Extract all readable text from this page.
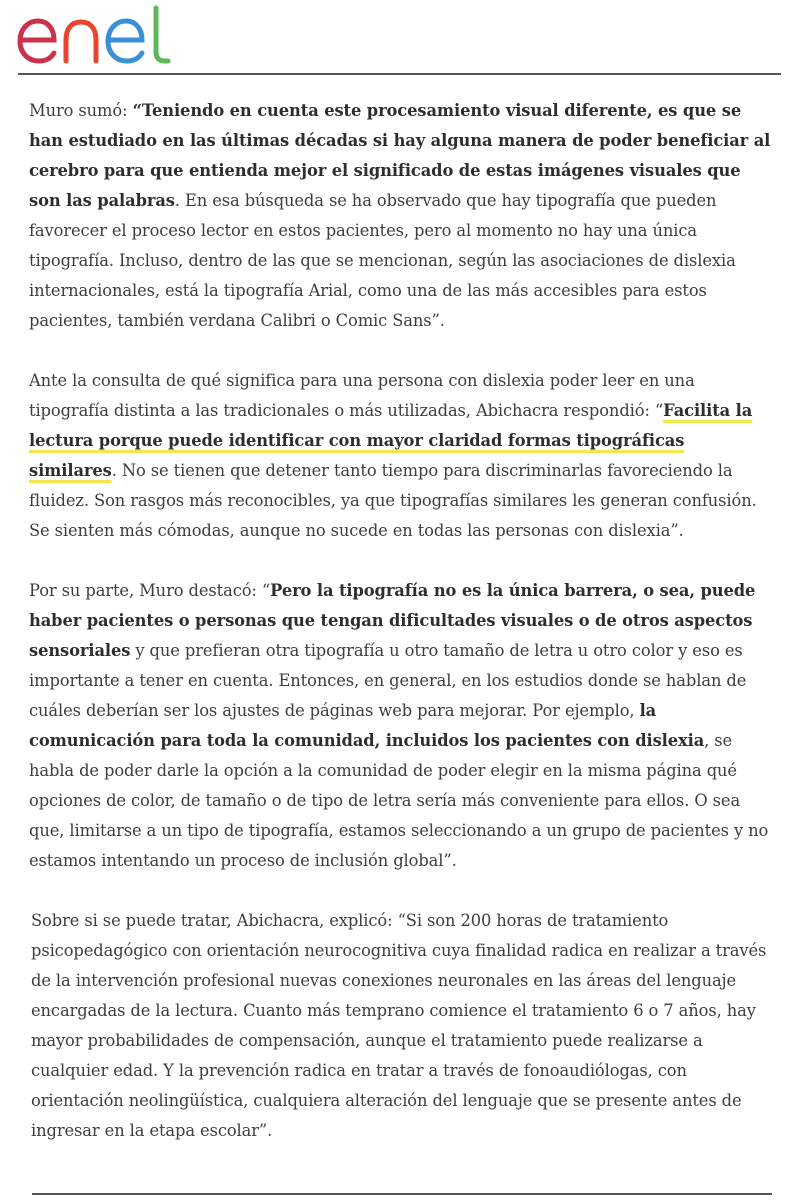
enel

Muro sumó: “Teniendo en cuenta este procesamiento visual diferente, es que se han estudiado en las últimas décadas si hay alguna manera de poder beneficiar al cerebro para que entienda mejor el significado de estas imágenes visuales que son las palabras. En esa búsqueda se ha observado que hay tipografía que pueden favorecer el proceso lector en estos pacientes, pero al momento no hay una única tipografía. Incluso, dentro de las que se mencionan, según las asociaciones de dislexia internacionales, está la tipografía Arial, como una de las más accesibles para estos pacientes, también verdana Calibri o Comic Sans”.

Ante la consulta de qué significa para una persona con dislexia poder leer en una tipografía distinta a las tradicionales o más utilizadas, Abichacra respondió: “Facilita la lectura porque puede identificar con mayor claridad formas tipográficas similares. No se tienen que detener tanto tiempo para discriminarlas favoreciendo la fluidez. Son rasgos más reconocibles, ya que tipografías similares les generan confusión. Se sienten más cómodas, aunque no sucede en todas las personas con dislexia”.

Por su parte, Muro destacó: “Pero la tipografía no es la única barrera, o sea, puede haber pacientes o personas que tengan dificultades visuales o de otros aspectos sensoriales y que prefieran otra tipografía u otro tamaño de letra u otro color y eso es importante a tener en cuenta. Entonces, en general, en los estudios donde se hablan de cuáles deberían ser los ajustes de páginas web para mejorar. Por ejemplo, la comunicación para toda la comunidad, incluidos los pacientes con dislexia, se habla de poder darle la opción a la comunidad de poder elegir en la misma página qué opciones de color, de tamaño o de tipo de letra sería más conveniente para ellos. O sea que, limitarse a un tipo de tipografía, estamos seleccionando a un grupo de pacientes y no estamos intentando un proceso de inclusión global”.

Sobre si se puede tratar, Abichacra, explicó: “Si son 200 horas de tratamiento psicopedagógico con orientación neurocognitiva cuya finalidad radica en realizar a través de la intervención profesional nuevas conexiones neuronales en las áreas del lenguaje encargadas de la lectura. Cuanto más temprano comience el tratamiento 6 o 7 años, hay mayor probabilidades de compensación, aunque el tratamiento puede realizarse a cualquier edad. Y la prevención radica en tratar a través de fonoaudiólogas, con orientación neolingüística, cualquiera alteración del lenguaje que se presente antes de ingresar en la etapa escolar”.
